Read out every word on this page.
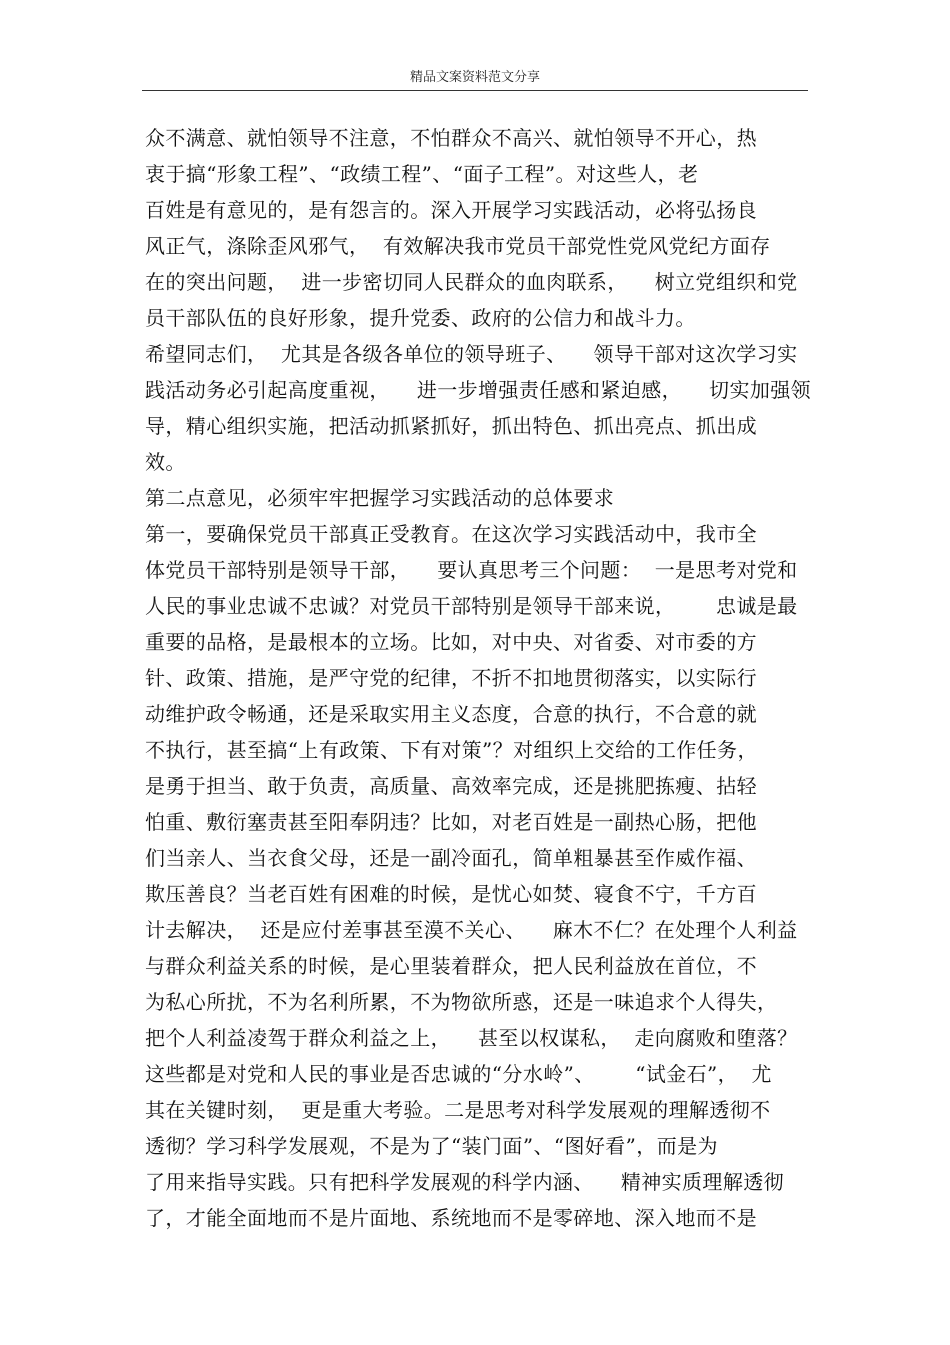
精品文案资料范文分享
众不满意、就怕领导不注意，不怕群众不高兴、就怕领导不开心，热
衷于搞“形象工程”、“政绩工程”、“面子工程”。对这些人，老
百姓是有意见的，是有怨言的。深入开展学习实践活动，必将弘扬良
风正气，涤除歪风邪气，  有效解决我市党员干部党性党风党纪方面存
在的突出问题，  进一步密切同人民群众的血肉联系，    树立党组织和党
员干部队伍的良好形象，提升党委、政府的公信力和战斗力。
希望同志们，  尤其是各级各单位的领导班子、    领导干部对这次学习实
践活动务必引起高度重视，    进一步增强责任感和紧迫感，    切实加强领
导，精心组织实施，把活动抓紧抓好，抓出特色、抓出亮点、抓出成
效。
第二点意见，必须牢牢把握学习实践活动的总体要求
第一，要确保党员干部真正受教育。在这次学习实践活动中，我市全
体党员干部特别是领导干部，    要认真思考三个问题：  一是思考对党和
人民的事业忠诚不忠诚？对党员干部特别是领导干部来说，      忠诚是最
重要的品格，是最根本的立场。比如，对中央、对省委、对市委的方
针、政策、措施，是严守党的纪律，不折不扣地贯彻落实，以实际行
动维护政令畅通，还是采取实用主义态度，合意的执行，不合意的就
不执行，甚至搞“上有政策、下有对策”？对组织上交给的工作任务，
是勇于担当、敢于负责，高质量、高效率完成，还是挑肥拣瘦、拈轻
怕重、敷衍塞责甚至阳奉阴违？比如，对老百姓是一副热心肠，把他
们当亲人、当衣食父母，还是一副冷面孔，简单粗暴甚至作威作福、
欺压善良？当老百姓有困难的时候，是忧心如焚、寝食不宁，千方百
计去解决，  还是应付差事甚至漠不关心、    麻木不仁？在处理个人利益
与群众利益关系的时候，是心里装着群众，把人民利益放在首位，不
为私心所扰，不为名利所累，不为物欲所惑，还是一味追求个人得失，
把个人利益凌驾于群众利益之上，    甚至以权谋私，  走向腐败和堕落？
这些都是对党和人民的事业是否忠诚的“分水岭”、      “试金石”，  尤
其在关键时刻，  更是重大考验。二是思考对科学发展观的理解透彻不
透彻？学习科学发展观，不是为了“装门面”、“图好看”，而是为
了用来指导实践。只有把科学发展观的科学内涵、    精神实质理解透彻
了，才能全面地而不是片面地、系统地而不是零碎地、深入地而不是
